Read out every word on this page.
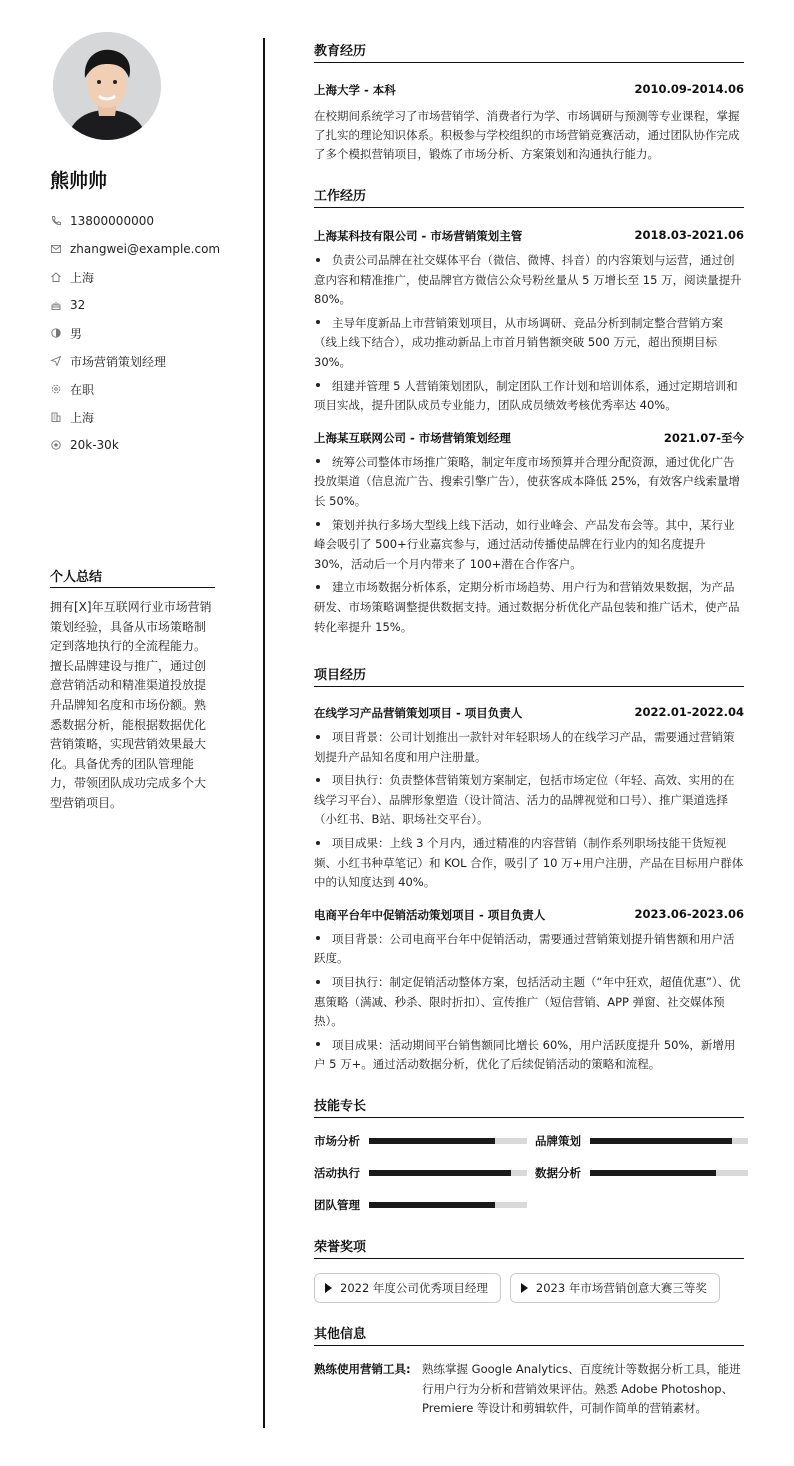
熊帅帅
13800000000
zhangwei@example.com
上海
32
男
市场营销策划经理
在职
上海
20k-30k
个人总结
拥有[X]年互联网行业市场营销策划经验，具备从市场策略制定到落地执行的全流程能力。擅长品牌建设与推广，通过创意营销活动和精准渠道投放提升品牌知名度和市场份额。熟悉数据分析，能根据数据优化营销策略，实现营销效果最大化。具备优秀的团队管理能力，带领团队成功完成多个大型营销项目。
教育经历
上海大学 - 本科	2010.09-2014.06
在校期间系统学习了市场营销学、消费者行为学、市场调研与预测等专业课程，掌握了扎实的理论知识体系。积极参与学校组织的市场营销竞赛活动，通过团队协作完成了多个模拟营销项目，锻炼了市场分析、方案策划和沟通执行能力。
工作经历
上海某科技有限公司 - 市场营销策划主管	2018.03-2021.06
负责公司品牌在社交媒体平台（微信、微博、抖音）的内容策划与运营，通过创意内容和精准推广，使品牌官方微信公众号粉丝量从 5 万增长至 15 万，阅读量提升 80%。
主导年度新品上市营销策划项目，从市场调研、竞品分析到制定整合营销方案（线上线下结合），成功推动新品上市首月销售额突破 500 万元，超出预期目标 30%。
组建并管理 5 人营销策划团队，制定团队工作计划和培训体系，通过定期培训和项目实战，提升团队成员专业能力，团队成员绩效考核优秀率达 40%。
上海某互联网公司 - 市场营销策划经理	2021.07-至今
统筹公司整体市场推广策略，制定年度市场预算并合理分配资源，通过优化广告投放渠道（信息流广告、搜索引擎广告），使获客成本降低 25%，有效客户线索量增长 50%。
策划并执行多场大型线上线下活动，如行业峰会、产品发布会等。其中，某行业峰会吸引了 500+行业嘉宾参与，通过活动传播使品牌在行业内的知名度提升 30%，活动后一个月内带来了 100+潜在合作客户。
建立市场数据分析体系，定期分析市场趋势、用户行为和营销效果数据，为产品研发、市场策略调整提供数据支持。通过数据分析优化产品包装和推广话术，使产品转化率提升 15%。
项目经历
在线学习产品营销策划项目 - 项目负责人	2022.01-2022.04
项目背景：公司计划推出一款针对年轻职场人的在线学习产品，需要通过营销策划提升产品知名度和用户注册量。
项目执行：负责整体营销策划方案制定，包括市场定位（年轻、高效、实用的在线学习平台）、品牌形象塑造（设计简洁、活力的品牌视觉和口号）、推广渠道选择（小红书、B站、职场社交平台）。
项目成果：上线 3 个月内，通过精准的内容营销（制作系列职场技能干货短视频、小红书种草笔记）和 KOL 合作，吸引了 10 万+用户注册，产品在目标用户群体中的认知度达到 40%。
电商平台年中促销活动策划项目 - 项目负责人	2023.06-2023.06
项目背景：公司电商平台年中促销活动，需要通过营销策划提升销售额和用户活跃度。
项目执行：制定促销活动整体方案，包括活动主题（“年中狂欢，超值优惠”）、优惠策略（满减、秒杀、限时折扣）、宣传推广（短信营销、APP 弹窗、社交媒体预热）。
项目成果：活动期间平台销售额同比增长 60%，用户活跃度提升 50%，新增用户 5 万+。通过活动数据分析，优化了后续促销活动的策略和流程。
技能专长
市场分析	品牌策划
活动执行	数据分析
团队管理
荣誉奖项
2022 年度公司优秀项目经理	2023 年市场营销创意大赛三等奖
其他信息
熟练使用营销工具: 熟练掌握 Google Analytics、百度统计等数据分析工具，能进行用户行为分析和营销效果评估。熟悉 Adobe Photoshop、Premiere 等设计和剪辑软件，可制作简单的营销素材。
